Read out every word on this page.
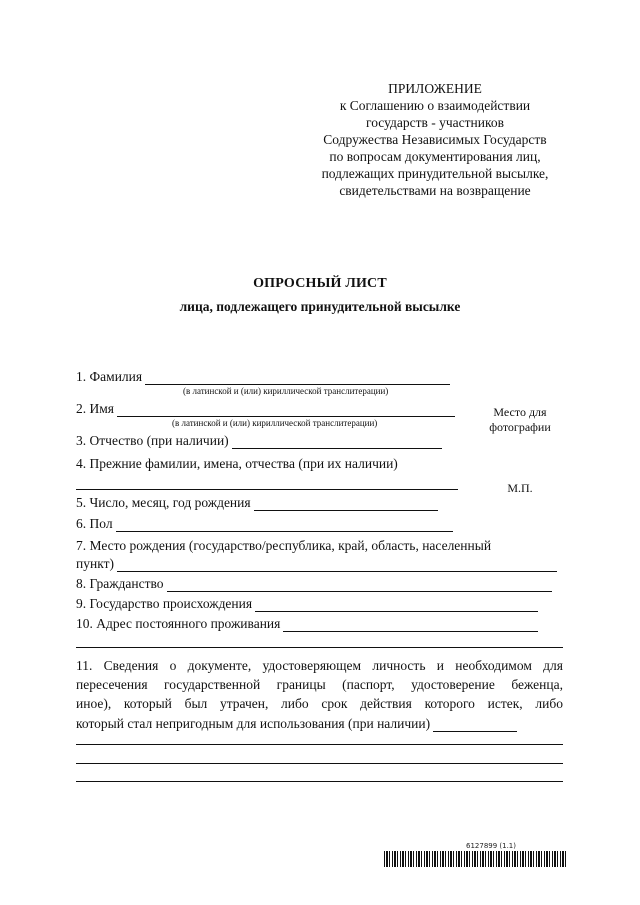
ПРИЛОЖЕНИЕ
к Соглашению о взаимодействии
государств - участников
Содружества Независимых Государств
по вопросам документирования лиц,
подлежащих принудительной высылке,
свидетельствами на возвращение
ОПРОСНЫЙ ЛИСТ
лица, подлежащего принудительной высылке
1. Фамилия
(в латинской и (или) кириллической транслитерации)
2. Имя
(в латинской и (или) кириллической транслитерации)
Место для
фотографии
3. Отчество (при наличии)
4. Прежние фамилии, имена, отчества (при их наличии)
М.П.
5. Число, месяц, год рождения
6. Пол
7. Место рождения (государство/республика, край, область, населенный
пункт)
8. Гражданство
9. Государство происхождения
10. Адрес постоянного проживания
11. Сведения о документе, удостоверяющем личность и необходимом для
пересечения государственной границы (паспорт, удостоверение беженца,
иное), который был утрачен, либо срок действия которого истек, либо
который стал непригодным для использования (при наличии)
6127899 (1.1)
